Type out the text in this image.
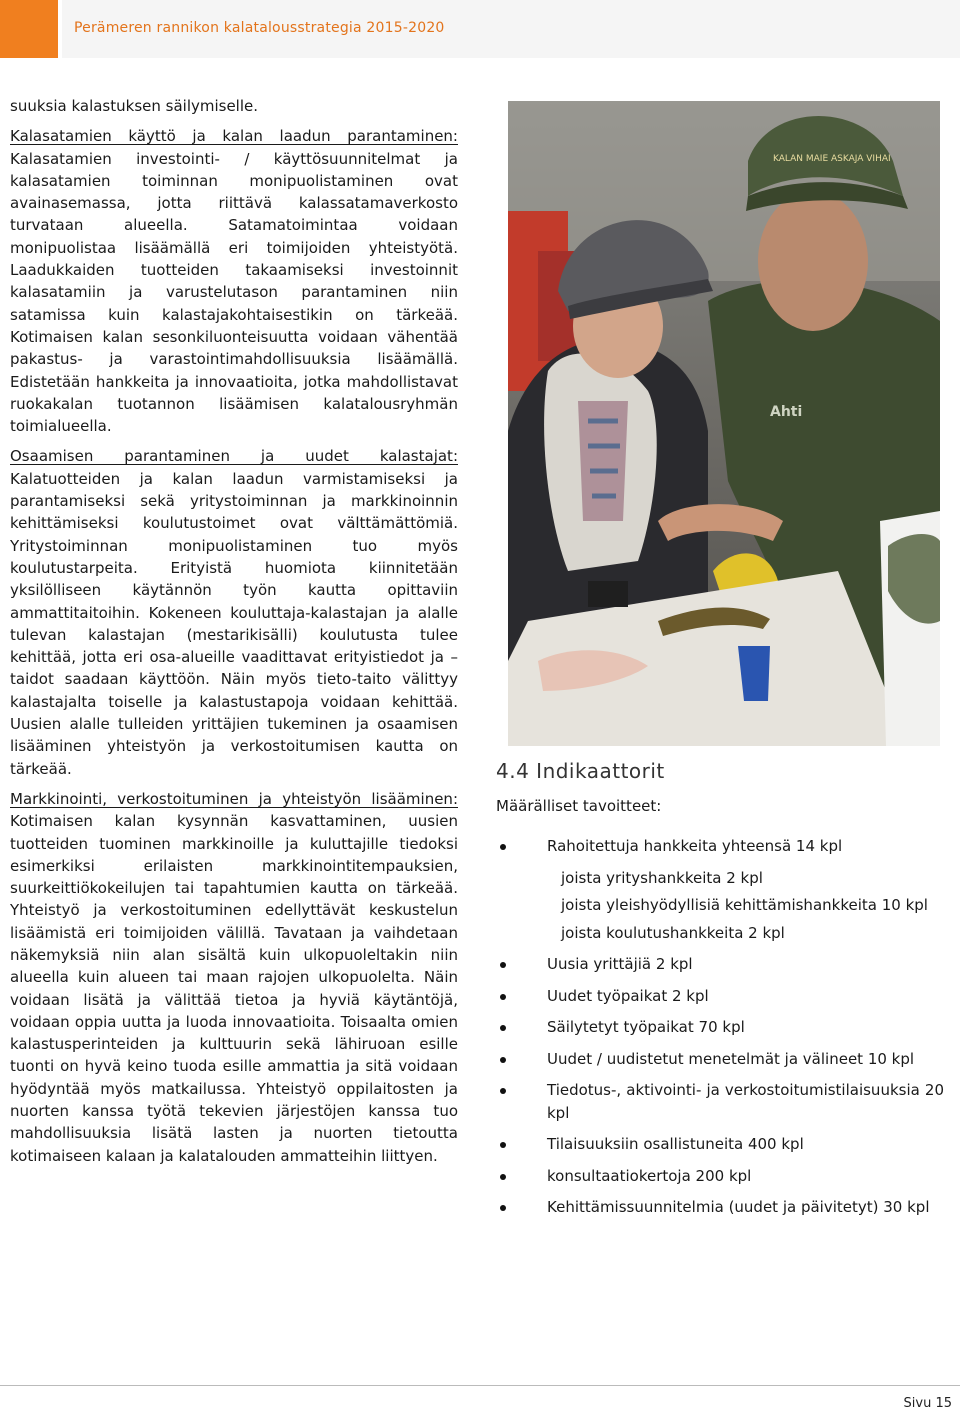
Perämeren rannikon kalatalousstrategia 2015-2020

suuksia kalastuksen säilymiselle.

Kalasatamien käyttö ja kalan laadun parantaminen: Kalasatamien investointi- / käyttösuunnitelmat ja kalasatamien toiminnan monipuolistaminen ovat avainasemassa, jotta riittävä kalassatamaverkosto turvataan alueella. Satamatoimintaa voidaan monipuolistaa lisäämällä eri toimijoiden yhteistyötä. Laadukkaiden tuotteiden takaamiseksi investoinnit kalasatamiin ja varustelutason parantaminen niin satamissa kuin kalastajakohtaisestikin on tärkeää. Kotimaisen kalan sesonkiluonteisuutta voidaan vähentää pakastus- ja varastointimahdollisuuksia lisäämällä. Edistetään hankkeita ja innovaatioita, jotka mahdollistavat ruokakalan tuotannon lisäämisen kalatalousryhmän toimialueella.

Osaamisen parantaminen ja uudet kalastajat: Kalatuotteiden ja kalan laadun varmistamiseksi ja parantamiseksi sekä yritystoiminnan ja markkinoinnin kehittämiseksi koulutustoimet ovat välttämättömiä. Yritystoiminnan monipuolistaminen tuo myös koulutustarpeita. Erityistä huomiota kiinnitetään yksilölliseen käytännön työn kautta opittaviin ammattitaitoihin. Kokeneen kouluttaja-kalastajan ja alalle tulevan kalastajan (mestarikisälli) koulutusta tulee kehittää, jotta eri osa-alueille vaadittavat erityistiedot ja – taidot saadaan käyttöön. Näin myös tieto-taito välittyy kalastajalta toiselle ja kalastustapoja voidaan kehittää. Uusien alalle tulleiden yrittäjien tukeminen ja osaamisen lisääminen yhteistyön ja verkostoitumisen kautta on tärkeää.

Markkinointi, verkostoituminen ja yhteistyön lisääminen: Kotimaisen kalan kysynnän kasvattaminen, uusien tuotteiden tuominen markkinoille ja kuluttajille tiedoksi esimerkiksi erilaisten markkinointitempauksien, suurkeittiökokeilujen tai tapahtumien kautta on tärkeää. Yhteistyö ja verkostoituminen edellyttävät keskustelun lisäämistä eri toimijoiden välillä. Tavataan ja vaihdetaan näkemyksiä niin alan sisältä kuin ulkopuoleltakin niin alueella kuin alueen tai maan rajojen ulkopuolelta. Näin voidaan lisätä ja välittää tietoa ja hyviä käytäntöjä, voidaan oppia uutta ja luoda innovaatioita. Toisaalta omien kalastusperinteiden ja kulttuurin sekä lähiruoan esille tuonti on hyvä keino tuoda esille ammattia ja sitä voidaan hyödyntää myös matkailussa. Yhteistyö oppilaitosten ja nuorten kanssa työtä tekevien järjestöjen kanssa tuo mahdollisuuksia lisätä lasten ja nuorten tietoutta kotimaiseen kalaan ja kalatalouden ammatteihin liittyen.

KALAN MAIE ASKAJA VIHAI
Ahti
4.4 Indikaattorit
Määrälliset tavoitteet:
Rahoitettuja hankkeita yhteensä 14 kpl
joista yrityshankkeita 2 kpl
joista yleishyödyllisiä kehittämishankkeita 10 kpl
joista koulutushankkeita 2 kpl
Uusia yrittäjiä 2 kpl
Uudet työpaikat 2 kpl
Säilytetyt työpaikat 70 kpl
Uudet / uudistetut menetelmät ja välineet 10 kpl
Tiedotus-, aktivointi- ja verkostoitumistilaisuuksia 20 kpl
Tilaisuuksiin osallistuneita 400 kpl
konsultaatiokertoja 200 kpl
Kehittämissuunnitelmia (uudet ja päivitetyt) 30 kpl
Sivu 15
